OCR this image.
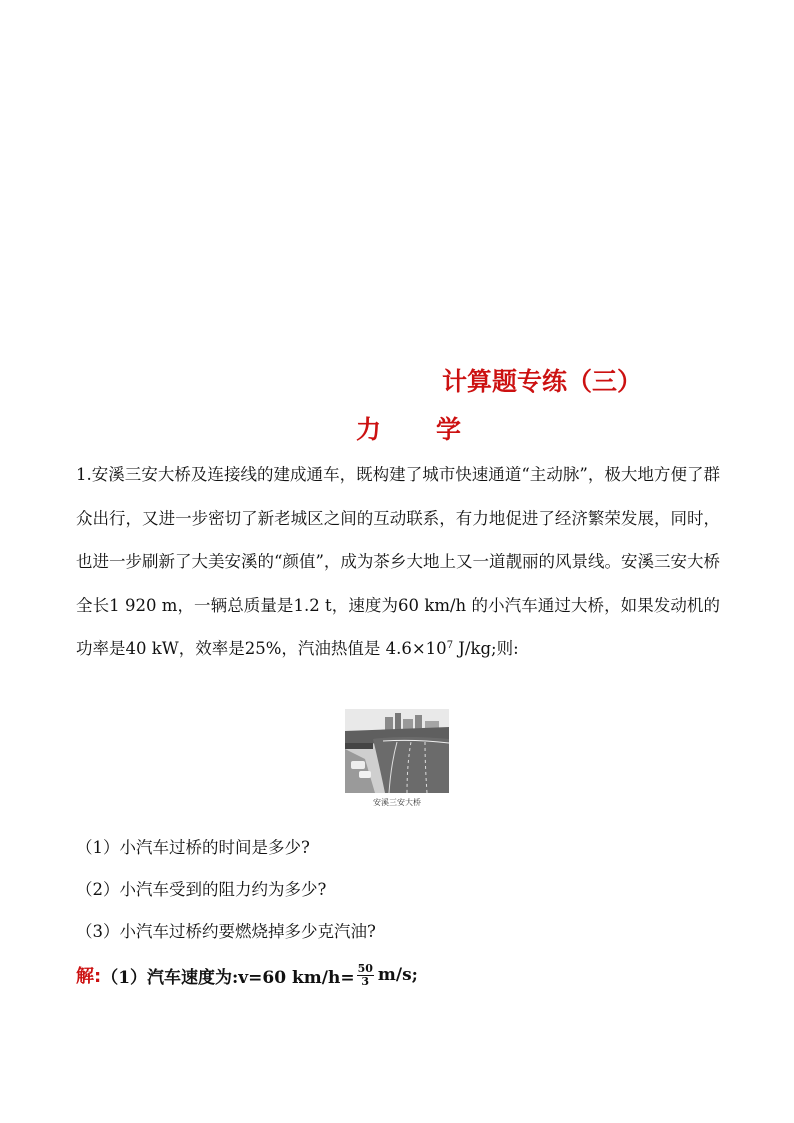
计算题专练（三）
力 学
1.安溪三安大桥及连接线的建成通车，既构建了城市快速通道“主动脉”，极大地方便了群众出行，又进一步密切了新老城区之间的互动联系，有力地促进了经济繁荣发展，同时，也进一步刷新了大美安溪的“颜值”，成为茶乡大地上又一道靓丽的风景线。安溪三安大桥全长1 920 m，一辆总质量是1.2 t，速度为60 km/h 的小汽车通过大桥，如果发动机的功率是40 kW，效率是25%，汽油热值是 $4.6\times 10^7$ J/kg;则:
安溪三安大桥
（1）小汽车过桥的时间是多少?
（2）小汽车受到的阻力约为多少?
（3）小汽车过桥约要燃烧掉多少克汽油?
解: （1）汽车速度为:v=60 $km/h= \frac{50}{3} m/s$;
